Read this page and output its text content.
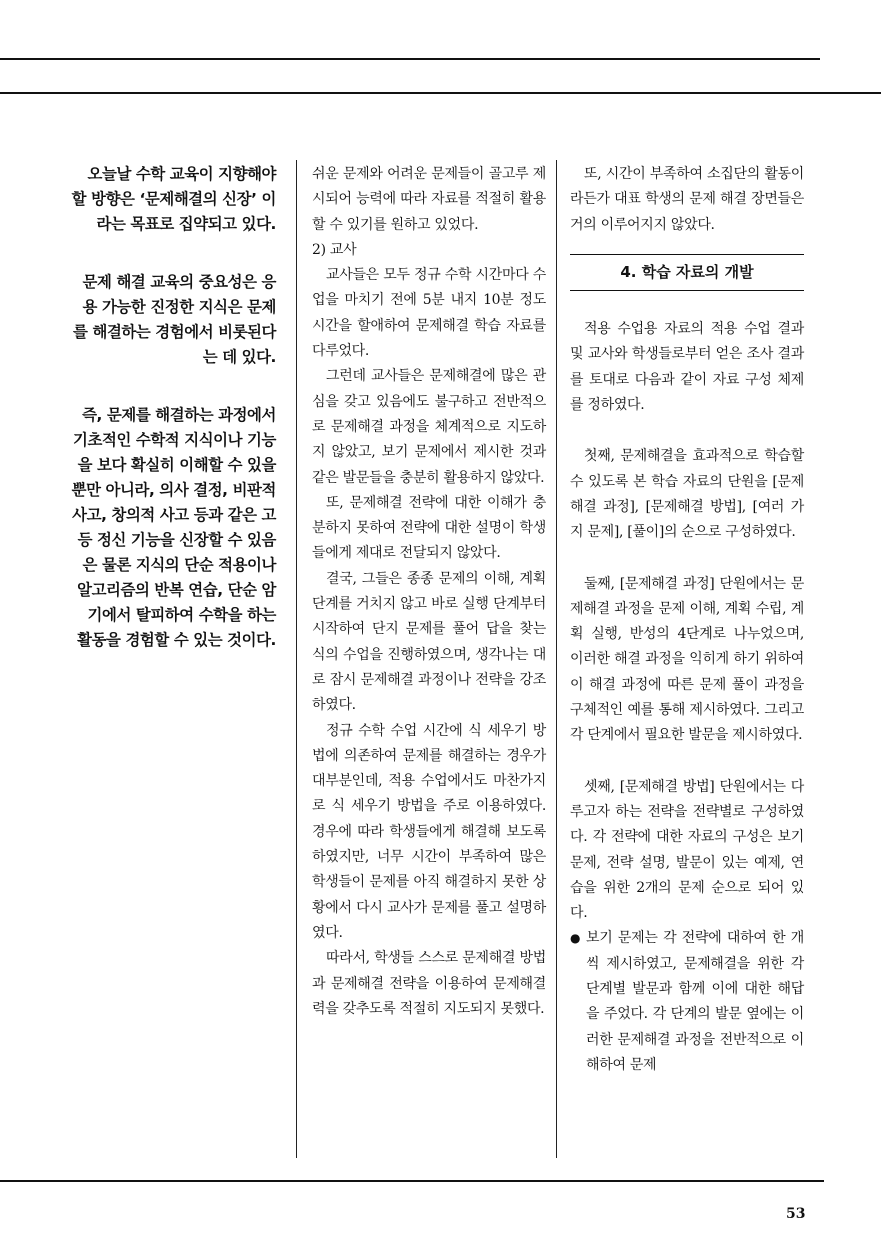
오늘날 수학 교육이 지향해야 할 방향은 ‘문제해결의 신장’ 이라는 목표로 집약되고 있다.

문제 해결 교육의 중요성은 응용 가능한 진정한 지식은 문제를 해결하는 경험에서 비롯된다는 데 있다.

즉, 문제를 해결하는 과정에서 기초적인 수학적 지식이나 기능을 보다 확실히 이해할 수 있을 뿐만 아니라, 의사 결정, 비판적 사고, 창의적 사고 등과 같은 고등 정신 기능을 신장할 수 있음은 물론 지식의 단순 적용이나 알고리즘의 반복 연습, 단순 암기에서 탈피하여 수학을 하는 활동을 경험할 수 있는 것이다.

쉬운 문제와 어려운 문제들이 골고루 제시되어 능력에 따라 자료를 적절히 활용할 수 있기를 원하고 있었다.

2) 교사

교사들은 모두 정규 수학 시간마다 수업을 마치기 전에 5분 내지 10분 정도 시간을 할애하여 문제해결 학습 자료를 다루었다.

그런데 교사들은 문제해결에 많은 관심을 갖고 있음에도 불구하고 전반적으로 문제해결 과정을 체계적으로 지도하지 않았고, 보기 문제에서 제시한 것과 같은 발문들을 충분히 활용하지 않았다.

또, 문제해결 전략에 대한 이해가 충분하지 못하여 전략에 대한 설명이 학생들에게 제대로 전달되지 않았다.

결국, 그들은 종종 문제의 이해, 계획 단계를 거치지 않고 바로 실행 단계부터 시작하여 단지 문제를 풀어 답을 찾는 식의 수업을 진행하였으며, 생각나는 대로 잠시 문제해결 과정이나 전략을 강조하였다.

정규 수학 수업 시간에 식 세우기 방법에 의존하여 문제를 해결하는 경우가 대부분인데, 적용 수업에서도 마찬가지로 식 세우기 방법을 주로 이용하였다. 경우에 따라 학생들에게 해결해 보도록 하였지만, 너무 시간이 부족하여 많은 학생들이 문제를 아직 해결하지 못한 상황에서 다시 교사가 문제를 풀고 설명하였다.

따라서, 학생들 스스로 문제해결 방법과 문제해결 전략을 이용하여 문제해결력을 갖추도록 적절히 지도되지 못했다.

또, 시간이 부족하여 소집단의 활동이라든가 대표 학생의 문제 해결 장면들은 거의 이루어지지 않았다.

4. 학습 자료의 개발

적용 수업용 자료의 적용 수업 결과 및 교사와 학생들로부터 얻은 조사 결과를 토대로 다음과 같이 자료 구성 체제를 정하였다.

첫째, 문제해결을 효과적으로 학습할 수 있도록 본 학습 자료의 단원을 [문제해결 과정], [문제해결 방법], [여러 가지 문제], [풀이]의 순으로 구성하였다.

둘째, [문제해결 과정] 단원에서는 문제해결 과정을 문제 이해, 계획 수립, 계획 실행, 반성의 4단계로 나누었으며, 이러한 해결 과정을 익히게 하기 위하여 이 해결 과정에 따른 문제 풀이 과정을 구체적인 예를 통해 제시하였다. 그리고 각 단계에서 필요한 발문을 제시하였다.

셋째, [문제해결 방법] 단원에서는 다루고자 하는 전략을 전략별로 구성하였다. 각 전략에 대한 자료의 구성은 보기 문제, 전략 설명, 발문이 있는 예제, 연습을 위한 2개의 문제 순으로 되어 있다.

● 보기 문제는 각 전략에 대하여 한 개씩 제시하였고, 문제해결을 위한 각 단계별 발문과 함께 이에 대한 해답을 주었다. 각 단계의 발문 옆에는 이러한 문제해결 과정을 전반적으로 이해하여 문제
53
